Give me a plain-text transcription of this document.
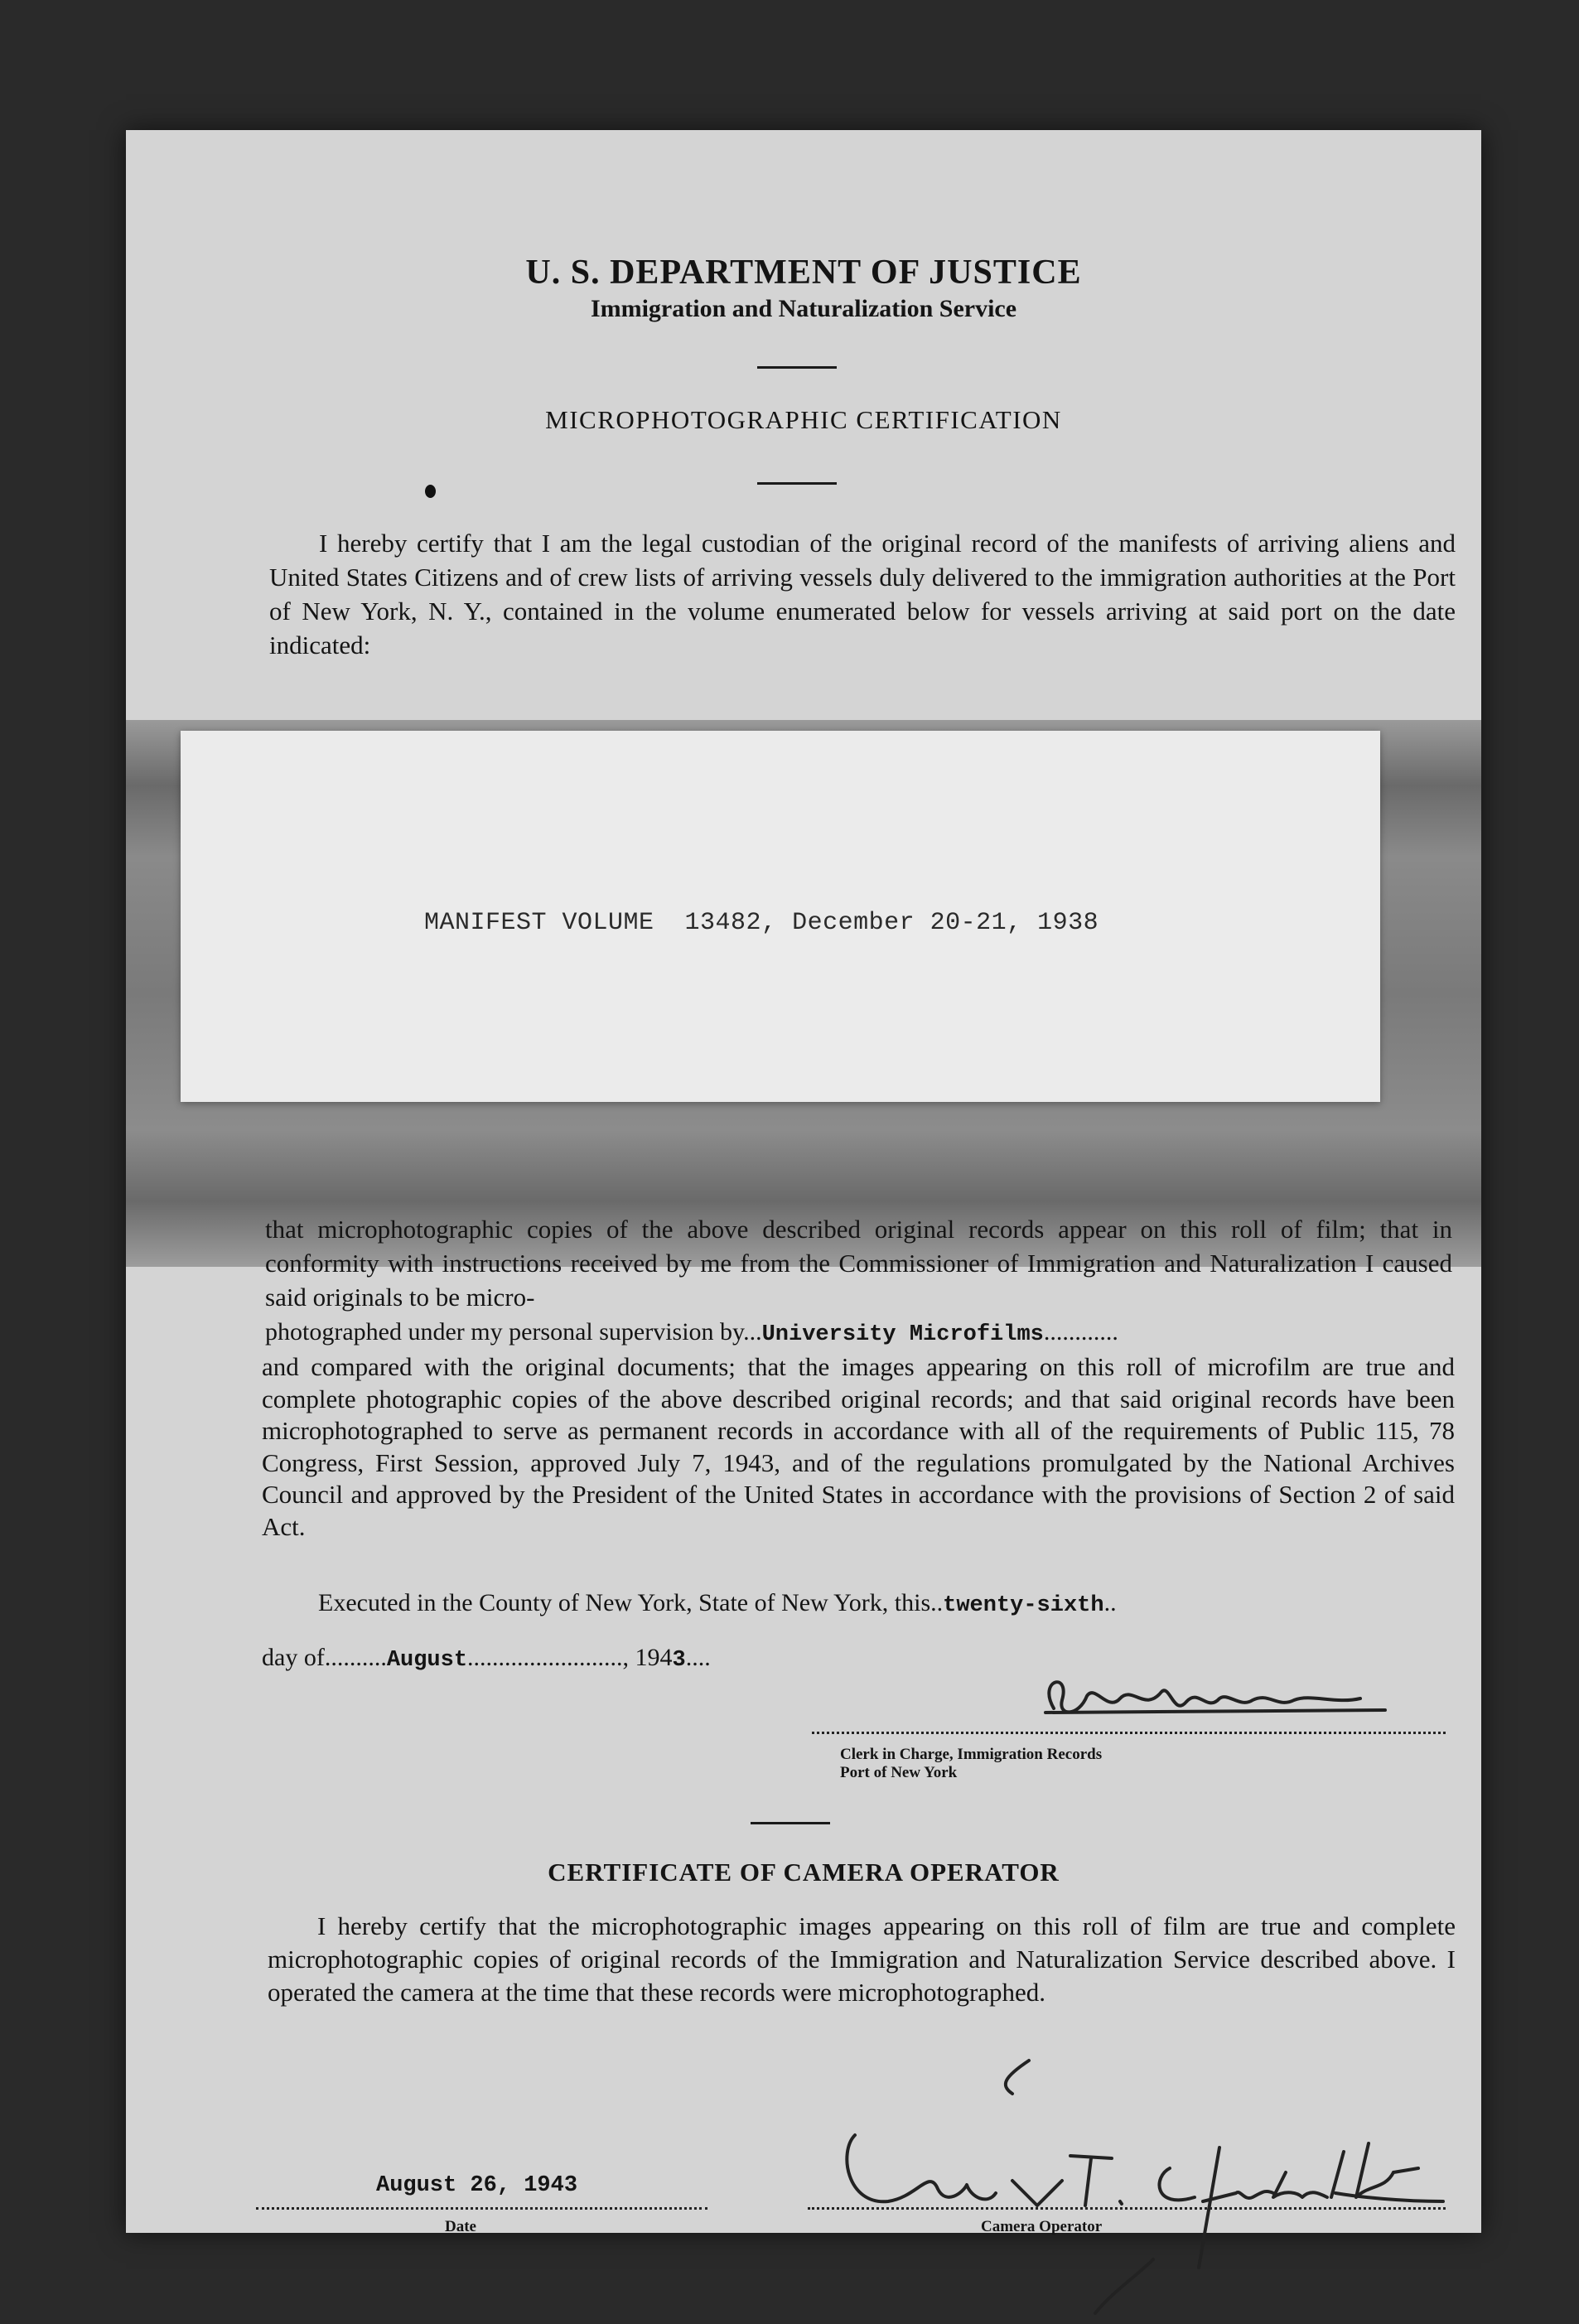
U. S. DEPARTMENT OF JUSTICE
Immigration and Naturalization Service
MICROPHOTOGRAPHIC CERTIFICATION
I hereby certify that I am the legal custodian of the original record of the manifests of arriving aliens and United States Citizens and of crew lists of arriving vessels duly delivered to the immigration authorities at the Port of New York, N. Y., contained in the volume enumerated below for vessels arriving at said port on the date indicated:
MANIFEST VOLUME  13482, December 20-21, 1938
that microphotographic copies of the above described original records appear on this roll of film; that in conformity with instructions received by me from the Commissioner of Immigration and Naturalization I caused said originals to be micro-
photographed under my personal supervision by...University Microfilms............
and compared with the original documents; that the images appearing on this roll of microfilm are true and complete photographic copies of the above described original records; and that said original records have been microphotographed to serve as permanent records in accordance with all of the requirements of Public 115, 78 Congress, First Session, approved July 7, 1943, and of the regulations promulgated by the National Archives Council and approved by the President of the United States in accordance with the provisions of Section 2 of said Act.
Executed in the County of New York, State of New York, this..twenty-sixth..
day of..........August........................., 1943....
Clerk in Charge, Immigration Records
Port of New York
CERTIFICATE OF CAMERA OPERATOR
I hereby certify that the microphotographic images appearing on this roll of film are true and complete microphotographic copies of original records of the Immigration and Naturalization Service described above. I operated the camera at the time that these records were microphotographed.
August 26, 1943
Date	Camera Operator
